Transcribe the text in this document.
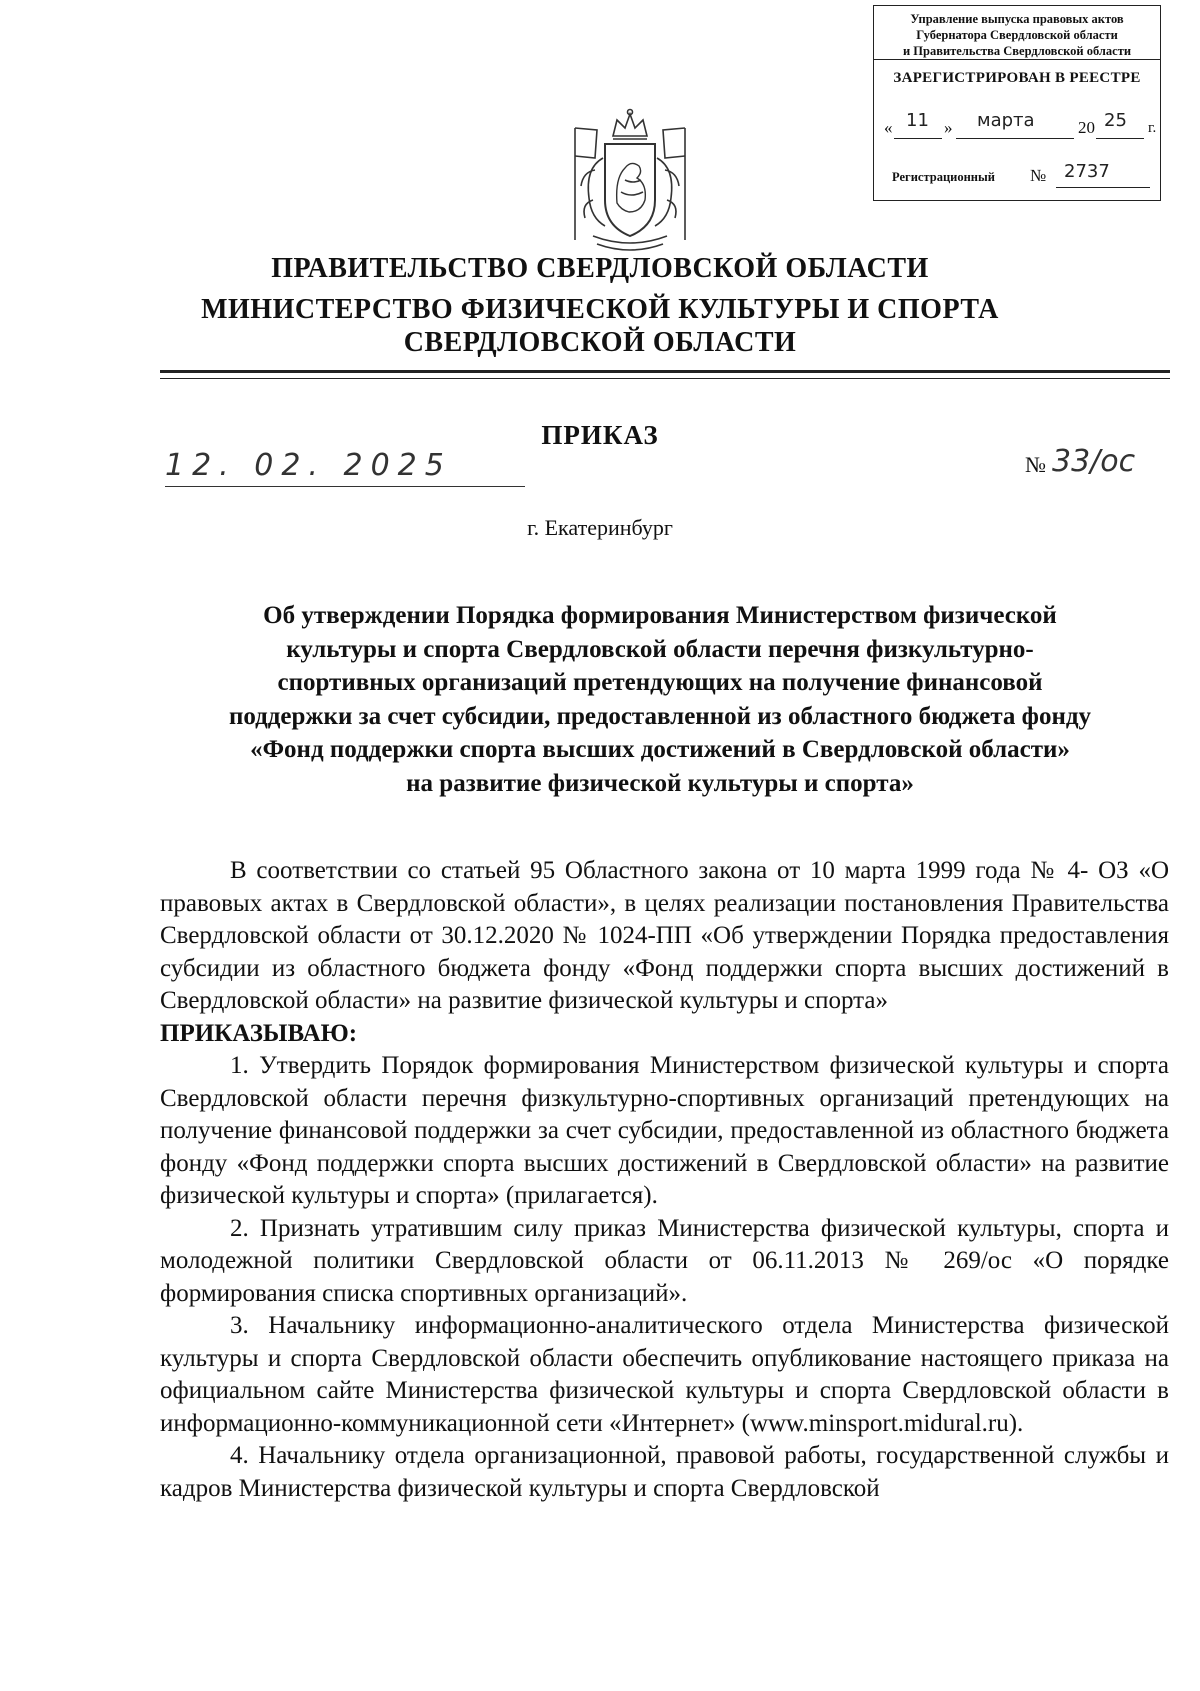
Управление выпуска правовых актов
Губернатора Свердловской области
и Правительства Свердловской области
ЗАРЕГИСТРИРОВАН В РЕЕСТРЕ
« 11 » марта	20 25 г.
Регистрационный № 2737
ПРАВИТЕЛЬСТВО СВЕРДЛОВСКОЙ ОБЛАСТИ
МИНИСТЕРСТВО ФИЗИЧЕСКОЙ КУЛЬТУРЫ И СПОРТА
СВЕРДЛОВСКОЙ ОБЛАСТИ
ПРИКАЗ
12. 02. 2025	№ 33/ос
г. Екатеринбург
Об утверждении Порядка формирования Министерством физической
культуры и спорта Свердловской области перечня физкультурно-
спортивных организаций претендующих на получение финансовой
поддержки за счет субсидии, предоставленной из областного бюджета фонду
«Фонд поддержки спорта высших достижений в Свердловской области»
на развитие физической культуры и спорта»

В соответствии со статьей 95 Областного закона от 10 марта 1999 года № 4- ОЗ «О правовых актах в Свердловской области», в целях реализации постановления Правительства Свердловской области от 30.12.2020 № 1024-ПП «Об утверждении Порядка предоставления субсидии из областного бюджета фонду «Фонд поддержки спорта высших достижений в Свердловской области» на развитие физической культуры и спорта»

ПРИКАЗЫВАЮ:

1. Утвердить Порядок формирования Министерством физической культуры и спорта Свердловской области перечня физкультурно-спортивных организаций претендующих на получение финансовой поддержки за счет субсидии, предоставленной из областного бюджета фонду «Фонд поддержки спорта высших достижений в Свердловской области» на развитие физической культуры и спорта» (прилагается).

2. Признать утратившим силу приказ Министерства физической культуры, спорта и молодежной политики Свердловской области от 06.11.2013 № 269/ос «О порядке формирования списка спортивных организаций».

3. Начальнику информационно-аналитического отдела Министерства физической культуры и спорта Свердловской области обеспечить опубликование настоящего приказа на официальном сайте Министерства физической культуры и спорта Свердловской области в информационно-коммуникационной сети «Интернет» (www.minsport.midural.ru).

4. Начальнику отдела организационной, правовой работы, государственной службы и кадров Министерства физической культуры и спорта Свердловской
